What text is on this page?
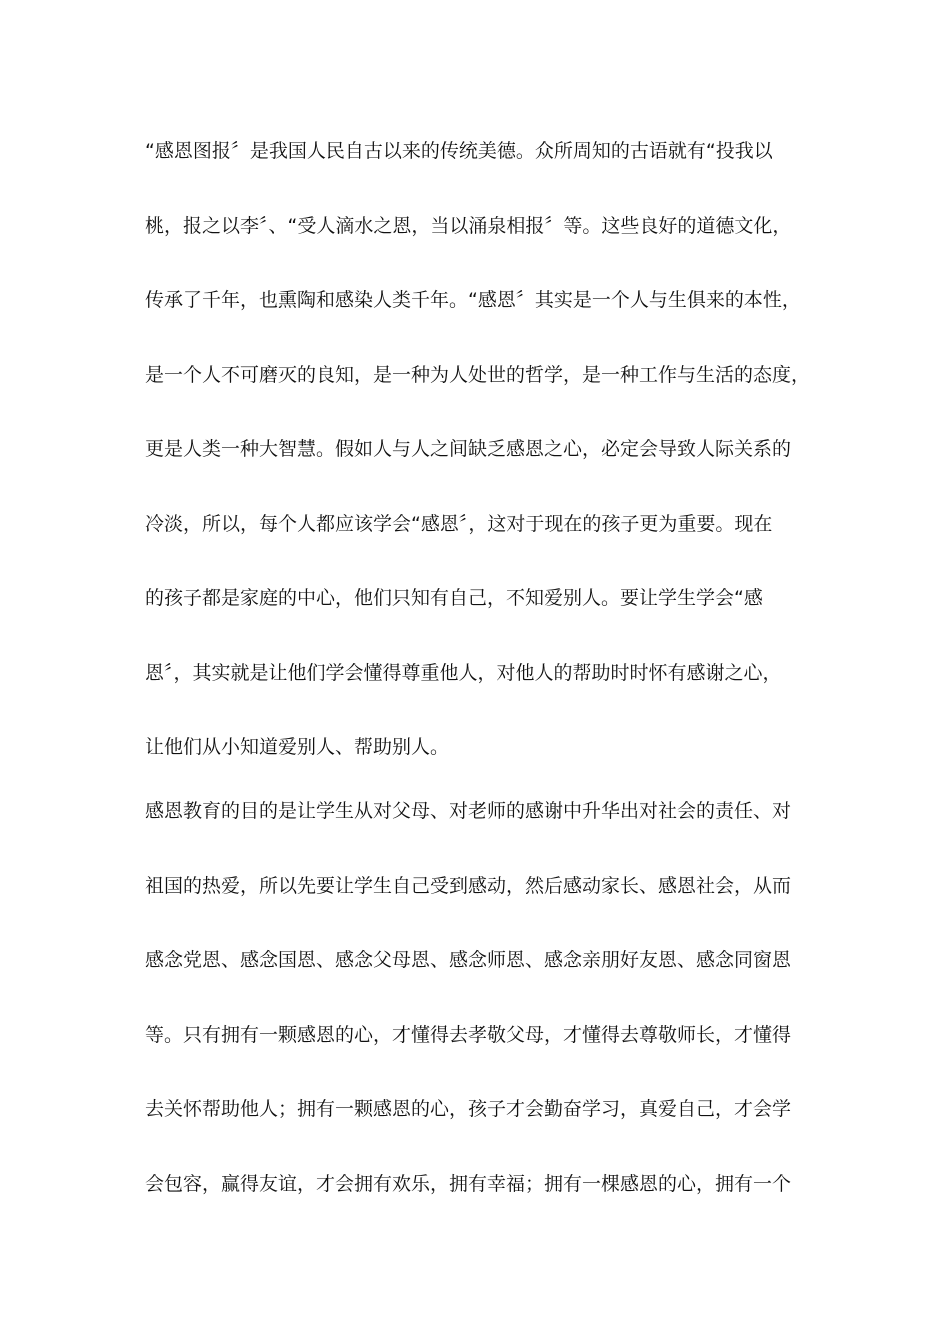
“感恩图报〞是我国人民自古以来的传统美德。众所周知的古语就有“投我以
桃，报之以李〞、“受人滴水之恩，当以涌泉相报〞等。这些良好的道德文化，
传承了千年，也熏陶和感染人类千年。“感恩〞其实是一个人与生俱来的本性，
是一个人不可磨灭的良知，是一种为人处世的哲学，是一种工作与生活的态度，
更是人类一种大智慧。假如人与人之间缺乏感恩之心，必定会导致人际关系的
冷淡，所以，每个人都应该学会“感恩〞，这对于现在的孩子更为重要。现在
的孩子都是家庭的中心，他们只知有自己，不知爱别人。要让学生学会“感
恩〞，其实就是让他们学会懂得尊重他人，对他人的帮助时时怀有感谢之心，
让他们从小知道爱别人、帮助别人。
感恩教育的目的是让学生从对父母、对老师的感谢中升华出对社会的责任、对
祖国的热爱，所以先要让学生自己受到感动，然后感动家长、感恩社会，从而
感念党恩、感念国恩、感念父母恩、感念师恩、感念亲朋好友恩、感念同窗恩
等。只有拥有一颗感恩的心，才懂得去孝敬父母，才懂得去尊敬师长，才懂得
去关怀帮助他人；拥有一颗感恩的心，孩子才会勤奋学习，真爱自己，才会学
会包容，赢得友谊，才会拥有欢乐，拥有幸福；拥有一棵感恩的心，拥有一个
